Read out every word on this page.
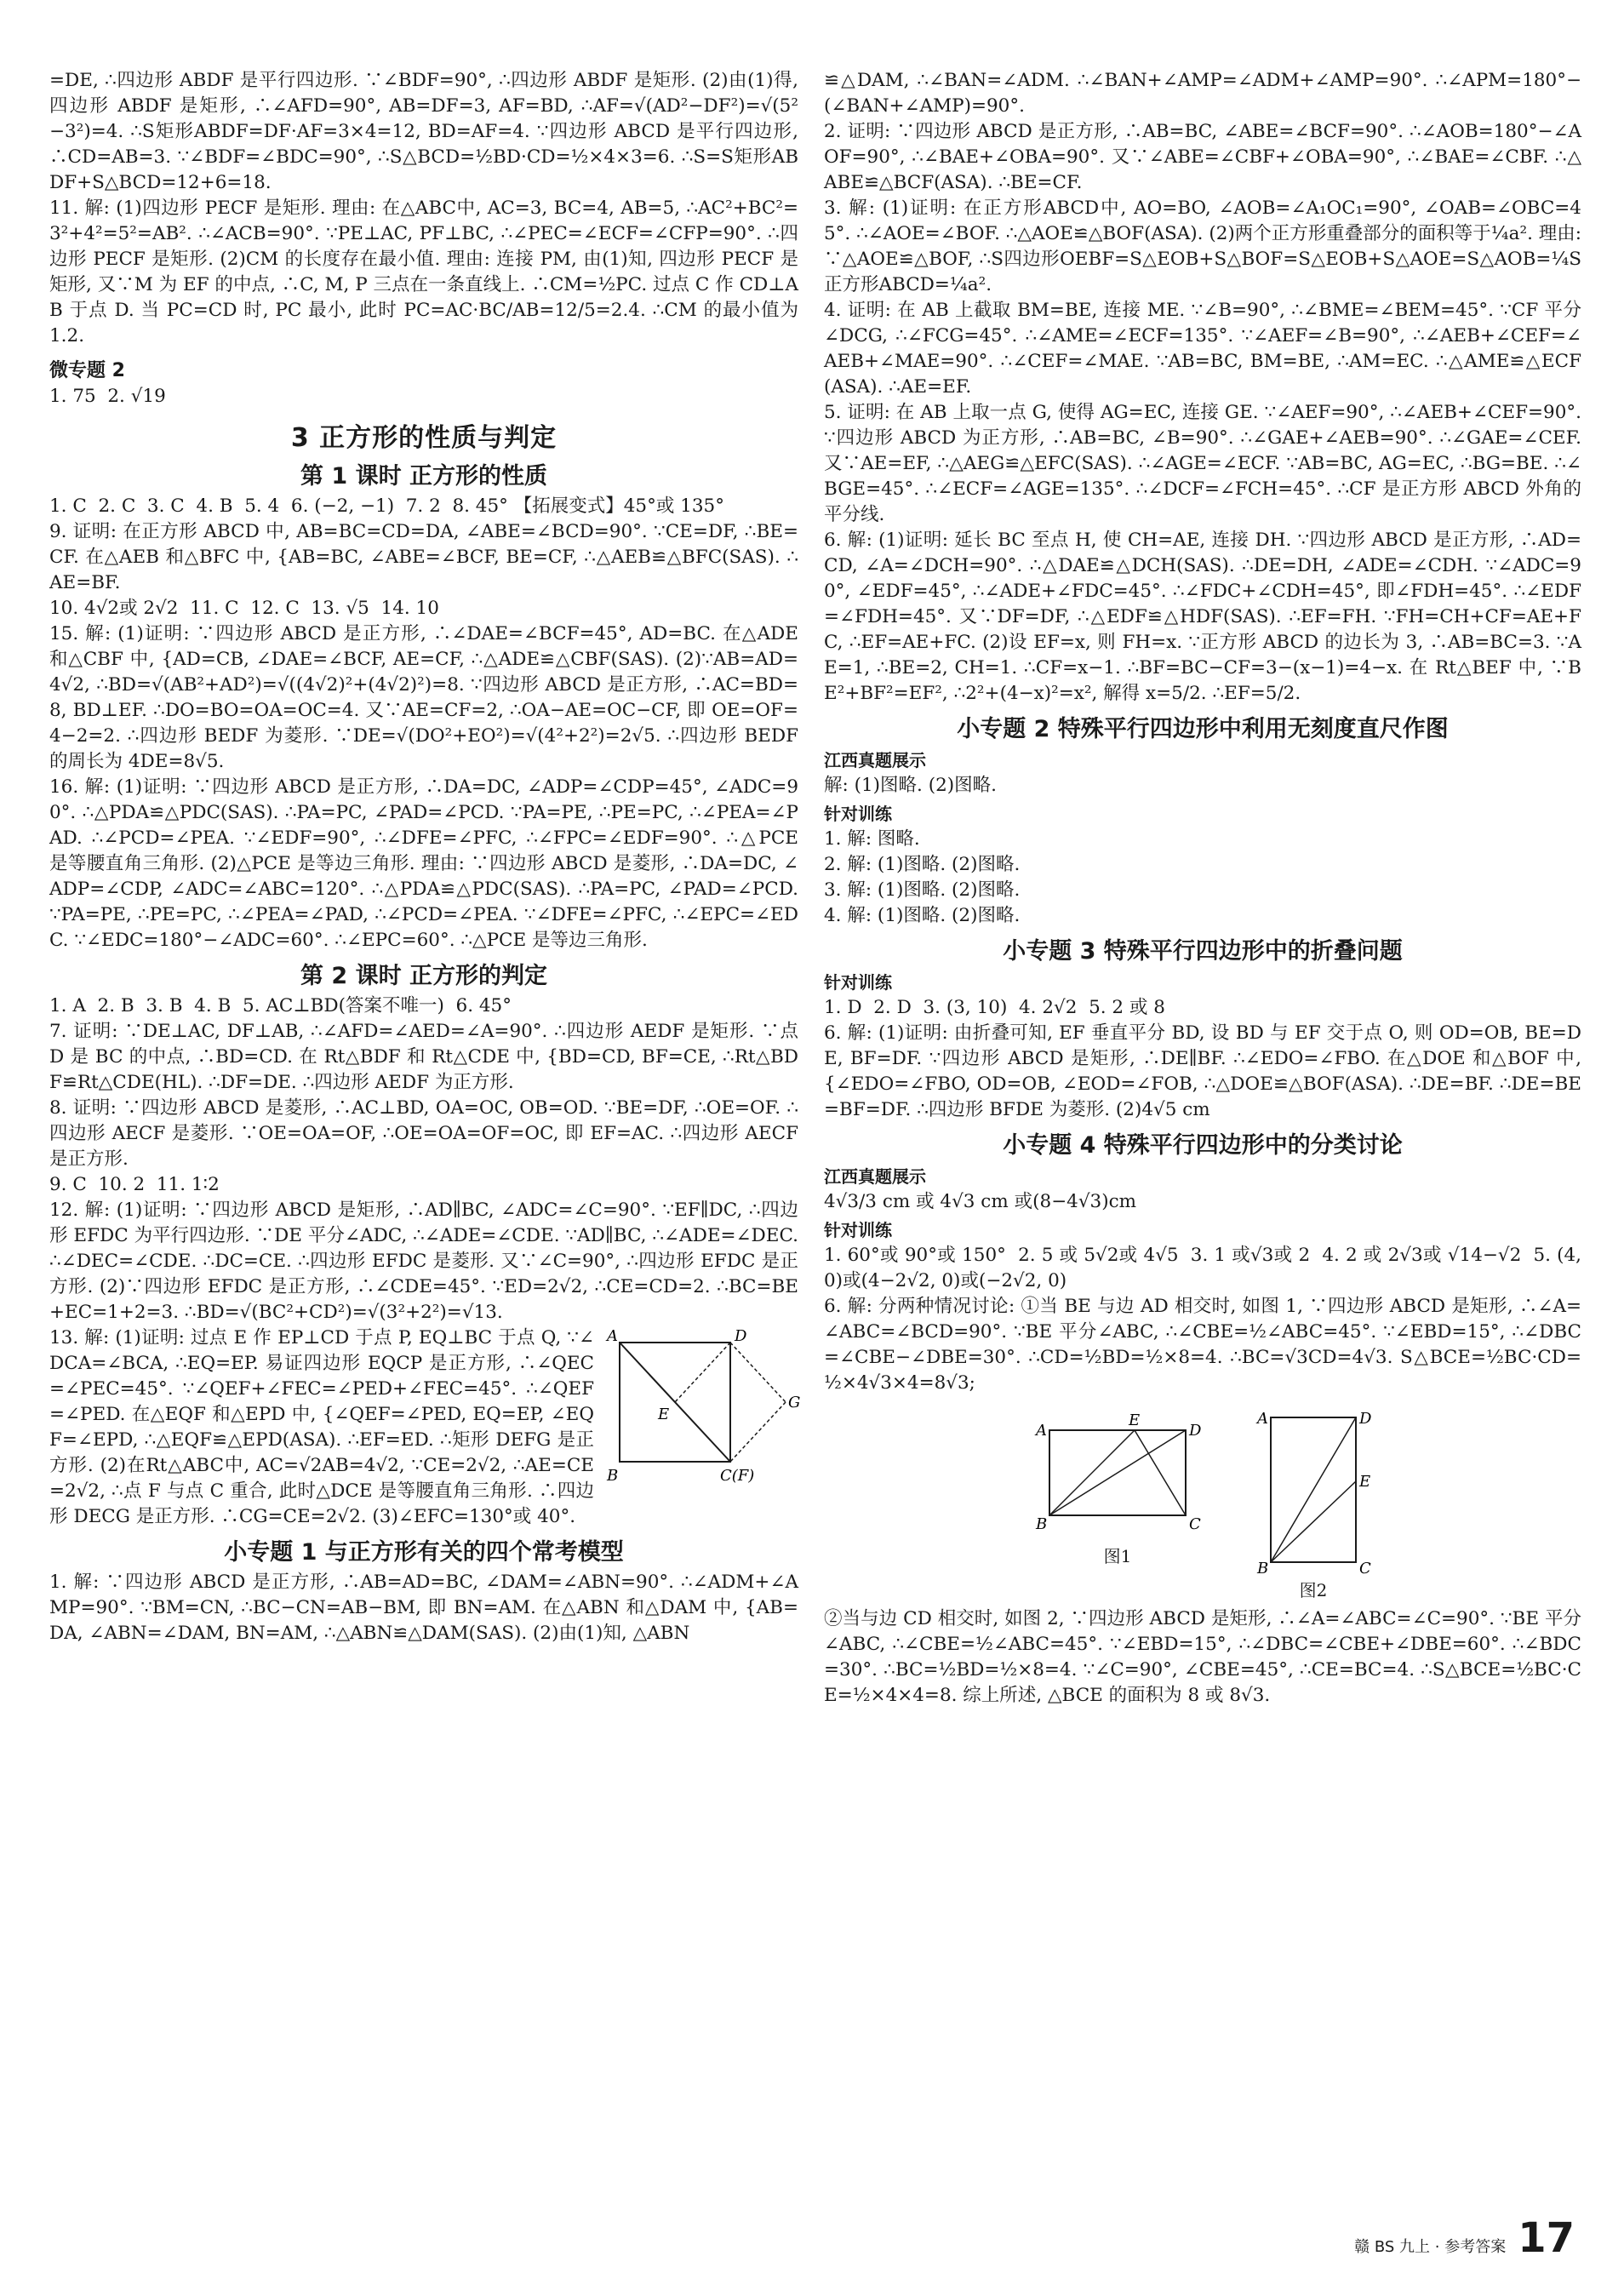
=DE, ∴四边形 ABDF 是平行四边形. ∵∠BDF=90°, ∴四边形 ABDF 是矩形. (2)由(1)得, 四边形 ABDF 是矩形, ∴∠AFD=90°, AB=DF=3, AF=BD, ∴AF=√(AD²−DF²)=√(5²−3²)=4. ∴S矩形ABDF=DF·AF=3×4=12, BD=AF=4. ∵四边形 ABCD 是平行四边形, ∴CD=AB=3. ∵∠BDF=∠BDC=90°, ∴S△BCD=½BD·CD=½×4×3=6. ∴S=S矩形ABDF+S△BCD=12+6=18.

11. 解: (1)四边形 PECF 是矩形. 理由: 在△ABC中, AC=3, BC=4, AB=5, ∴AC²+BC²=3²+4²=5²=AB². ∴∠ACB=90°. ∵PE⊥AC, PF⊥BC, ∴∠PEC=∠ECF=∠CFP=90°. ∴四边形 PECF 是矩形. (2)CM 的长度存在最小值. 理由: 连接 PM, 由(1)知, 四边形 PECF 是矩形, 又∵M 为 EF 的中点, ∴C, M, P 三点在一条直线上. ∴CM=½PC. 过点 C 作 CD⊥AB 于点 D. 当 PC=CD 时, PC 最小, 此时 PC=AC·BC/AB=12/5=2.4. ∴CM 的最小值为 1.2.

微专题 2

1. 75  2. √19

3 正方形的性质与判定
第 1 课时 正方形的性质

1. C  2. C  3. C  4. B  5. 4  6. (−2, −1)  7. 2  8. 45° 【拓展变式】45°或 135°

9. 证明: 在正方形 ABCD 中, AB=BC=CD=DA, ∠ABE=∠BCD=90°. ∵CE=DF, ∴BE=CF. 在△AEB 和△BFC 中, {AB=BC, ∠ABE=∠BCF, BE=CF, ∴△AEB≌△BFC(SAS). ∴AE=BF.

10. 4√2或 2√2  11. C  12. C  13. √5  14. 10

15. 解: (1)证明: ∵四边形 ABCD 是正方形, ∴∠DAE=∠BCF=45°, AD=BC. 在△ADE 和△CBF 中, {AD=CB, ∠DAE=∠BCF, AE=CF, ∴△ADE≌△CBF(SAS). (2)∵AB=AD=4√2, ∴BD=√(AB²+AD²)=√((4√2)²+(4√2)²)=8. ∵四边形 ABCD 是正方形, ∴AC=BD=8, BD⊥EF. ∴DO=BO=OA=OC=4. 又∵AE=CF=2, ∴OA−AE=OC−CF, 即 OE=OF=4−2=2. ∴四边形 BEDF 为菱形. ∵DE=√(DO²+EO²)=√(4²+2²)=2√5. ∴四边形 BEDF 的周长为 4DE=8√5.

16. 解: (1)证明: ∵四边形 ABCD 是正方形, ∴DA=DC, ∠ADP=∠CDP=45°, ∠ADC=90°. ∴△PDA≌△PDC(SAS). ∴PA=PC, ∠PAD=∠PCD. ∵PA=PE, ∴PE=PC, ∴∠PEA=∠PAD. ∴∠PCD=∠PEA. ∵∠EDF=90°, ∴∠DFE=∠PFC, ∴∠FPC=∠EDF=90°. ∴△PCE 是等腰直角三角形. (2)△PCE 是等边三角形. 理由: ∵四边形 ABCD 是菱形, ∴DA=DC, ∠ADP=∠CDP, ∠ADC=∠ABC=120°. ∴△PDA≌△PDC(SAS). ∴PA=PC, ∠PAD=∠PCD. ∵PA=PE, ∴PE=PC, ∴∠PEA=∠PAD, ∴∠PCD=∠PEA. ∵∠DFE=∠PFC, ∴∠EPC=∠EDC. ∵∠EDC=180°−∠ADC=60°. ∴∠EPC=60°. ∴△PCE 是等边三角形.

第 2 课时 正方形的判定

1. A  2. B  3. B  4. B  5. AC⊥BD(答案不唯一)  6. 45°

7. 证明: ∵DE⊥AC, DF⊥AB, ∴∠AFD=∠AED=∠A=90°. ∴四边形 AEDF 是矩形. ∵点 D 是 BC 的中点, ∴BD=CD. 在 Rt△BDF 和 Rt△CDE 中, {BD=CD, BF=CE, ∴Rt△BDF≌Rt△CDE(HL). ∴DF=DE. ∴四边形 AEDF 为正方形.

8. 证明: ∵四边形 ABCD 是菱形, ∴AC⊥BD, OA=OC, OB=OD. ∵BE=DF, ∴OE=OF. ∴四边形 AECF 是菱形. ∵OE=OA=OF, ∴OE=OA=OF=OC, 即 EF=AC. ∴四边形 AECF 是正方形.

9. C  10. 2  11. 1∶2

12. 解: (1)证明: ∵四边形 ABCD 是矩形, ∴AD∥BC, ∠ADC=∠C=90°. ∵EF∥DC, ∴四边形 EFDC 为平行四边形. ∵DE 平分∠ADC, ∴∠ADE=∠CDE. ∵AD∥BC, ∴∠ADE=∠DEC. ∴∠DEC=∠CDE. ∴DC=CE. ∴四边形 EFDC 是菱形. 又∵∠C=90°, ∴四边形 EFDC 是正方形. (2)∵四边形 EFDC 是正方形, ∴∠CDE=45°. ∵ED=2√2, ∴CE=CD=2. ∴BC=BE+EC=1+2=3. ∴BD=√(BC²+CD²)=√(3²+2²)=√13.

A	D
B	C(F)
E
G

13. 解: (1)证明: 过点 E 作 EP⊥CD 于点 P, EQ⊥BC 于点 Q, ∵∠DCA=∠BCA, ∴EQ=EP. 易证四边形 EQCP 是正方形, ∴∠QEC=∠PEC=45°. ∵∠QEF+∠FEC=∠PED+∠FEC=45°. ∴∠QEF=∠PED. 在△EQF 和△EPD 中, {∠QEF=∠PED, EQ=EP, ∠EQF=∠EPD, ∴△EQF≌△EPD(ASA). ∴EF=ED. ∴矩形 DEFG 是正方形. (2)在Rt△ABC中, AC=√2AB=4√2, ∵CE=2√2, ∴AE=CE=2√2, ∴点 F 与点 C 重合, 此时△DCE 是等腰直角三角形. ∴四边形 DECG 是正方形. ∴CG=CE=2√2. (3)∠EFC=130°或 40°.

小专题 1 与正方形有关的四个常考模型

1. 解: ∵四边形 ABCD 是正方形, ∴AB=AD=BC, ∠DAM=∠ABN=90°. ∴∠ADM+∠AMP=90°. ∵BM=CN, ∴BC−CN=AB−BM, 即 BN=AM. 在△ABN 和△DAM 中, {AB=DA, ∠ABN=∠DAM, BN=AM, ∴△ABN≌△DAM(SAS). (2)由(1)知, △ABN

≌△DAM, ∴∠BAN=∠ADM. ∴∠BAN+∠AMP=∠ADM+∠AMP=90°. ∴∠APM=180°−(∠BAN+∠AMP)=90°.

2. 证明: ∵四边形 ABCD 是正方形, ∴AB=BC, ∠ABE=∠BCF=90°. ∴∠AOB=180°−∠AOF=90°, ∴∠BAE+∠OBA=90°. 又∵∠ABE=∠CBF+∠OBA=90°, ∴∠BAE=∠CBF. ∴△ABE≌△BCF(ASA). ∴BE=CF.

3. 解: (1)证明: 在正方形ABCD中, AO=BO, ∠AOB=∠A₁OC₁=90°, ∠OAB=∠OBC=45°. ∴∠AOE=∠BOF. ∴△AOE≌△BOF(ASA). (2)两个正方形重叠部分的面积等于¼a². 理由: ∵△AOE≌△BOF, ∴S四边形OEBF=S△EOB+S△BOF=S△EOB+S△AOE=S△AOB=¼S正方形ABCD=¼a².

4. 证明: 在 AB 上截取 BM=BE, 连接 ME. ∵∠B=90°, ∴∠BME=∠BEM=45°. ∵CF 平分∠DCG, ∴∠FCG=45°. ∴∠AME=∠ECF=135°. ∵∠AEF=∠B=90°, ∴∠AEB+∠CEF=∠AEB+∠MAE=90°. ∴∠CEF=∠MAE. ∵AB=BC, BM=BE, ∴AM=EC. ∴△AME≌△ECF(ASA). ∴AE=EF.

5. 证明: 在 AB 上取一点 G, 使得 AG=EC, 连接 GE. ∵∠AEF=90°, ∴∠AEB+∠CEF=90°. ∵四边形 ABCD 为正方形, ∴AB=BC, ∠B=90°. ∴∠GAE+∠AEB=90°. ∴∠GAE=∠CEF. 又∵AE=EF, ∴△AEG≌△EFC(SAS). ∴∠AGE=∠ECF. ∵AB=BC, AG=EC, ∴BG=BE. ∴∠BGE=45°. ∴∠ECF=∠AGE=135°. ∴∠DCF=∠FCH=45°. ∴CF 是正方形 ABCD 外角的平分线.

6. 解: (1)证明: 延长 BC 至点 H, 使 CH=AE, 连接 DH. ∵四边形 ABCD 是正方形, ∴AD=CD, ∠A=∠DCH=90°. ∴△DAE≌△DCH(SAS). ∴DE=DH, ∠ADE=∠CDH. ∵∠ADC=90°, ∠EDF=45°, ∴∠ADE+∠FDC=45°. ∴∠FDC+∠CDH=45°, 即∠FDH=45°. ∴∠EDF=∠FDH=45°. 又∵DF=DF, ∴△EDF≌△HDF(SAS). ∴EF=FH. ∵FH=CH+CF=AE+FC, ∴EF=AE+FC. (2)设 EF=x, 则 FH=x. ∵正方形 ABCD 的边长为 3, ∴AB=BC=3. ∵AE=1, ∴BE=2, CH=1. ∴CF=x−1. ∴BF=BC−CF=3−(x−1)=4−x. 在 Rt△BEF 中, ∵BE²+BF²=EF², ∴2²+(4−x)²=x², 解得 x=5/2. ∴EF=5/2.

小专题 2 特殊平行四边形中利用无刻度直尺作图
江西真题展示

解: (1)图略. (2)图略.

针对训练

1. 解: 图略.

2. 解: (1)图略. (2)图略.

3. 解: (1)图略. (2)图略.

4. 解: (1)图略. (2)图略.

小专题 3 特殊平行四边形中的折叠问题
针对训练

1. D  2. D  3. (3, 10)  4. 2√2  5. 2 或 8

6. 解: (1)证明: 由折叠可知, EF 垂直平分 BD, 设 BD 与 EF 交于点 O, 则 OD=OB, BE=DE, BF=DF. ∵四边形 ABCD 是矩形, ∴DE∥BF. ∴∠EDO=∠FBO. 在△DOE 和△BOF 中, {∠EDO=∠FBO, OD=OB, ∠EOD=∠FOB, ∴△DOE≌△BOF(ASA). ∴DE=BF. ∴DE=BE=BF=DF. ∴四边形 BFDE 为菱形. (2)4√5 cm

小专题 4 特殊平行四边形中的分类讨论
江西真题展示

4√3/3 cm 或 4√3 cm 或(8−4√3)cm

针对训练

1. 60°或 90°或 150°  2. 5 或 5√2或 4√5  3. 1 或√3或 2  4. 2 或 2√3或 √14−√2  5. (4, 0)或(4−2√2, 0)或(−2√2, 0)

6. 解: 分两种情况讨论: ①当 BE 与边 AD 相交时, 如图 1, ∵四边形 ABCD 是矩形, ∴∠A=∠ABC=∠BCD=90°. ∵BE 平分∠ABC, ∴∠CBE=½∠ABC=45°. ∵∠EBD=15°, ∴∠DBC=∠CBE−∠DBE=30°. ∴CD=½BD=½×8=4. ∴BC=√3CD=4√3. S△BCE=½BC·CD=½×4√3×4=8√3;

A
E
D
B	C
图1
A	D
E
B	C
图2

②当与边 CD 相交时, 如图 2, ∵四边形 ABCD 是矩形, ∴∠A=∠ABC=∠C=90°. ∵BE 平分∠ABC, ∴∠CBE=½∠ABC=45°. ∵∠EBD=15°, ∴∠DBC=∠CBE+∠DBE=60°. ∴∠BDC=30°. ∴BC=½BD=½×8=4. ∵∠C=90°, ∠CBE=45°, ∴CE=BC=4. ∴S△BCE=½BC·CE=½×4×4=8. 综上所述, △BCE 的面积为 8 或 8√3.

赣 BS 九上 · 参考答案 17
